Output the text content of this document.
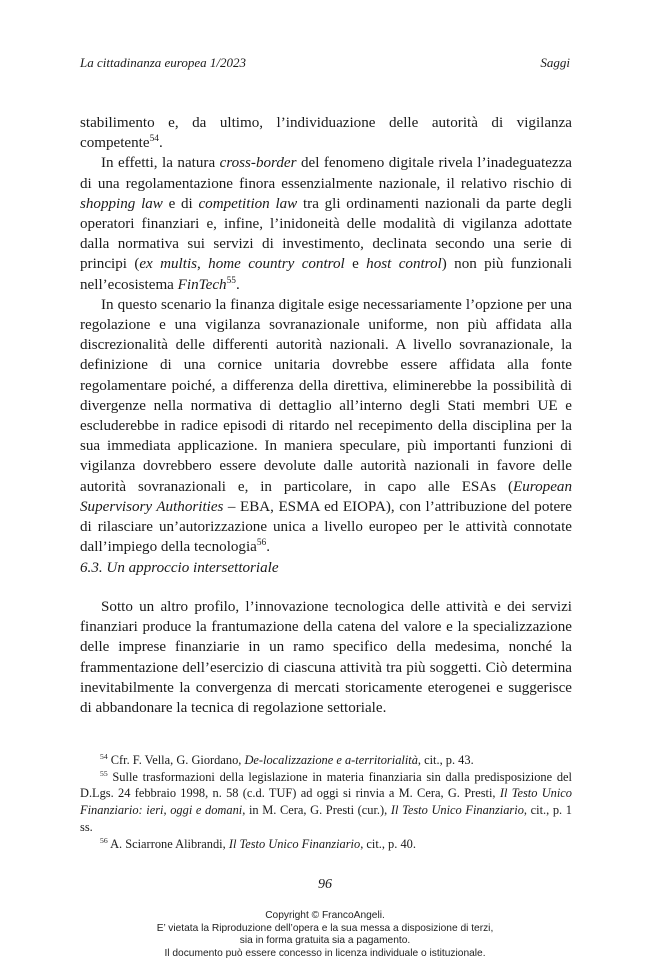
La cittadinanza europea 1/2023	Saggi

stabilimento e, da ultimo, l’individuazione delle autorità di vigilanza competente$^{54}$.

In effetti, la natura cross-border del fenomeno digitale rivela l’inadeguatezza di una regolamentazione finora essenzialmente nazionale, il relativo rischio di shopping law e di competition law tra gli ordinamenti nazionali da parte degli operatori finanziari e, infine, l’inidoneità delle modalità di vigilanza adottate dalla normativa sui servizi di investimento, declinata secondo una serie di principi (ex multis, home country control e host control) non più funzionali nell’ecosistema FinTech$^{55}$.

In questo scenario la finanza digitale esige necessariamente l’opzione per una regolazione e una vigilanza sovranazionale uniforme, non più affidata alla discrezionalità delle differenti autorità nazionali. A livello sovranazionale, la definizione di una cornice unitaria dovrebbe essere affidata alla fonte regolamentare poiché, a differenza della direttiva, eliminerebbe la possibilità di divergenze nella normativa di dettaglio all’interno degli Stati membri UE e escluderebbe in radice episodi di ritardo nel recepimento della disciplina per la sua immediata applicazione. In maniera speculare, più importanti funzioni di vigilanza dovrebbero essere devolute dalle autorità nazionali in favore delle autorità sovranazionali e, in particolare, in capo alle ESAs (European Supervisory Authorities – EBA, ESMA ed EIOPA), con l’attribuzione del potere di rilasciare un’autorizzazione unica a livello europeo per le attività connotate dall’impiego della tecnologia$^{56}$.

6.3. Un approccio intersettoriale

Sotto un altro profilo, l’innovazione tecnologica delle attività e dei servizi finanziari produce la frantumazione della catena del valore e la specializzazione delle imprese finanziarie in un ramo specifico della medesima, nonché la frammentazione dell’esercizio di ciascuna attività tra più soggetti. Ciò determina inevitabilmente la convergenza di mercati storicamente eterogenei e suggerisce di abbandonare la tecnica di regolazione settoriale.

$^{54}$ Cfr. F. Vella, G. Giordano, De-localizzazione e a-territorialità, cit., p. 43.

$^{55}$ Sulle trasformazioni della legislazione in materia finanziaria sin dalla predisposizione del D.Lgs. 24 febbraio 1998, n. 58 (c.d. TUF) ad oggi si rinvia a M. Cera, G. Presti, Il Testo Unico Finanziario: ieri, oggi e domani, in M. Cera, G. Presti (cur.), Il Testo Unico Finanziario, cit., p. 1 ss.

$^{56}$ A. Sciarrone Alibrandi, Il Testo Unico Finanziario, cit., p. 40.

96
Copyright © FrancoAngeli.
E’ vietata la Riproduzione dell’opera e la sua messa a disposizione di terzi,
sia in forma gratuita sia a pagamento.
Il documento può essere concesso in licenza individuale o istituzionale.
